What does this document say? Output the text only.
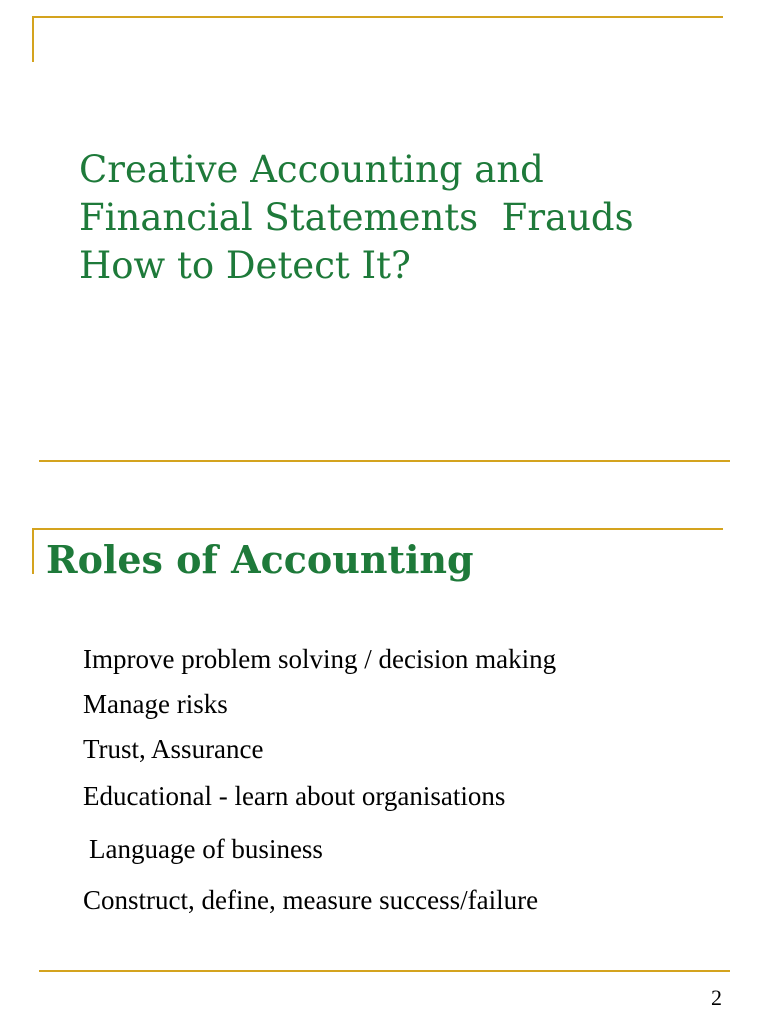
Creative Accounting and
Financial Statements  Frauds
How to Detect It?
Roles of Accounting
Improve problem solving / decision making
Manage risks
Trust, Assurance
Educational - learn about organisations
Language of business
Construct, define, measure success/failure
2
